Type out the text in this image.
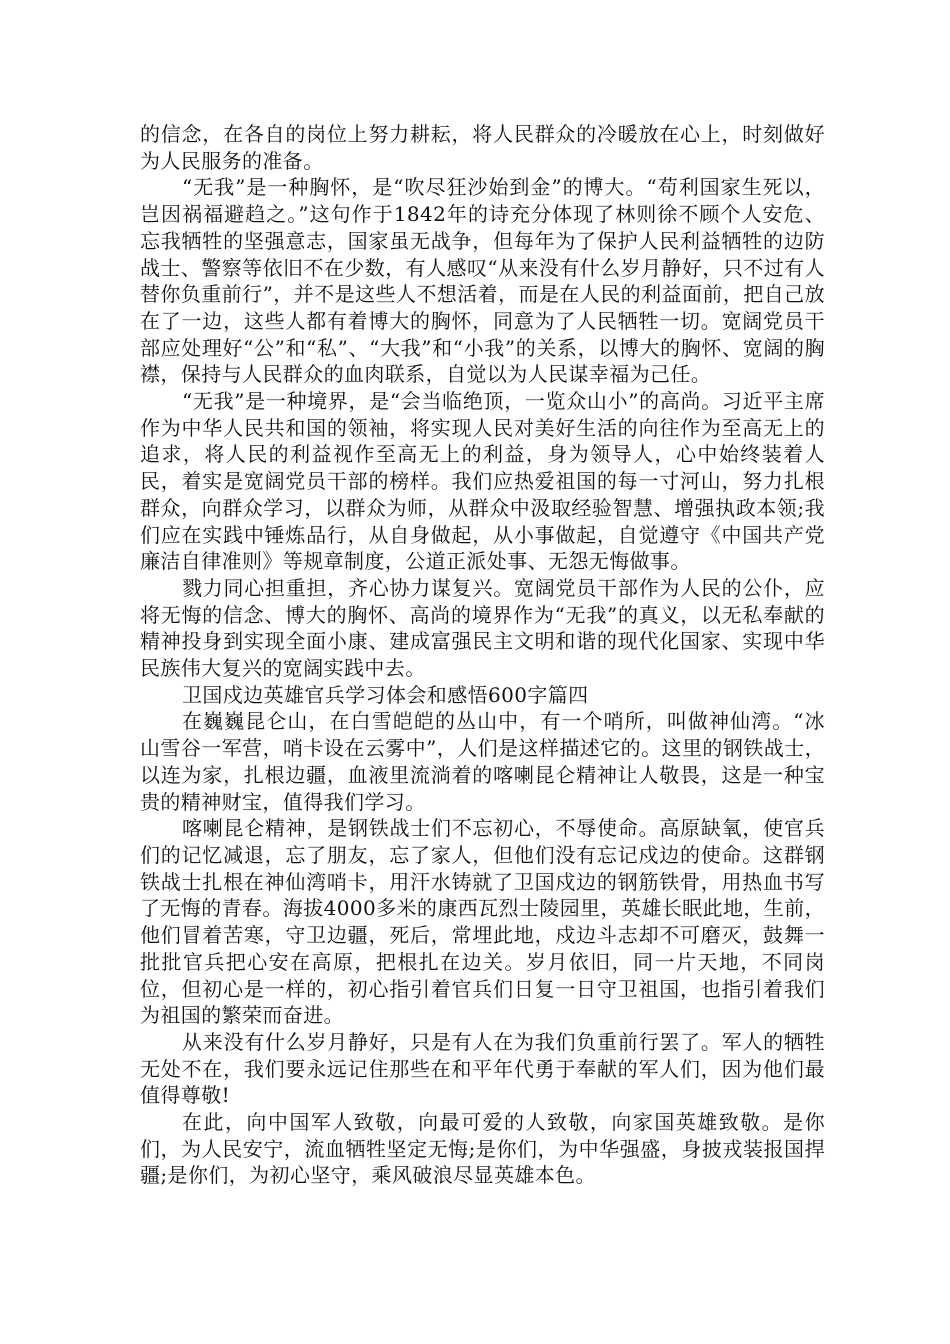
的信念，在各自的岗位上努力耕耘，将人民群众的冷暖放在心上，时刻做好为人民服务的准备。

“无我”是一种胸怀，是“吹尽狂沙始到金”的博大。“苟利国家生死以，岂因祸福避趋之。”这句作于1842年的诗充分体现了林则徐不顾个人安危、忘我牺牲的坚强意志，国家虽无战争，但每年为了保护人民利益牺牲的边防战士、警察等依旧不在少数，有人感叹“从来没有什么岁月静好，只不过有人替你负重前行”，并不是这些人不想活着，而是在人民的利益面前，把自己放在了一边，这些人都有着博大的胸怀，同意为了人民牺牲一切。宽阔党员干部应处理好“公”和“私”、“大我”和“小我”的关系，以博大的胸怀、宽阔的胸襟，保持与人民群众的血肉联系，自觉以为人民谋幸福为己任。

“无我”是一种境界，是“会当临绝顶，一览众山小”的高尚。习近平主席作为中华人民共和国的领袖，将实现人民对美好生活的向往作为至高无上的追求，将人民的利益视作至高无上的利益，身为领导人，心中始终装着人民，着实是宽阔党员干部的榜样。我们应热爱祖国的每一寸河山，努力扎根群众，向群众学习，以群众为师，从群众中汲取经验智慧、增强执政本领;我们应在实践中锤炼品行，从自身做起，从小事做起，自觉遵守《中国共产党廉洁自律准则》等规章制度，公道正派处事、无怨无悔做事。

戮力同心担重担，齐心协力谋复兴。宽阔党员干部作为人民的公仆，应将无悔的信念、博大的胸怀、高尚的境界作为“无我”的真义，以无私奉献的精神投身到实现全面小康、建成富强民主文明和谐的现代化国家、实现中华民族伟大复兴的宽阔实践中去。

卫国戍边英雄官兵学习体会和感悟600字篇四

在巍巍昆仑山，在白雪皑皑的丛山中，有一个哨所，叫做神仙湾。“冰山雪谷一军营，哨卡设在云雾中”，人们是这样描述它的。这里的钢铁战士，以连为家，扎根边疆，血液里流淌着的喀喇昆仑精神让人敬畏，这是一种宝贵的精神财宝，值得我们学习。

喀喇昆仑精神，是钢铁战士们不忘初心，不辱使命。高原缺氧，使官兵们的记忆减退，忘了朋友，忘了家人，但他们没有忘记戍边的使命。这群钢铁战士扎根在神仙湾哨卡，用汗水铸就了卫国戍边的钢筋铁骨，用热血书写了无悔的青春。海拔4000多米的康西瓦烈士陵园里，英雄长眠此地，生前，他们冒着苦寒，守卫边疆，死后，常埋此地，戍边斗志却不可磨灭，鼓舞一批批官兵把心安在高原，把根扎在边关。岁月依旧，同一片天地，不同岗位，但初心是一样的，初心指引着官兵们日复一日守卫祖国，也指引着我们为祖国的繁荣而奋进。

从来没有什么岁月静好，只是有人在为我们负重前行罢了。军人的牺牲无处不在，我们要永远记住那些在和平年代勇于奉献的军人们，因为他们最值得尊敬!

在此，向中国军人致敬，向最可爱的人致敬，向家国英雄致敬。是你们，为人民安宁，流血牺牲坚定无悔;是你们，为中华强盛，身披戎装报国捍疆;是你们，为初心坚守，乘风破浪尽显英雄本色。
